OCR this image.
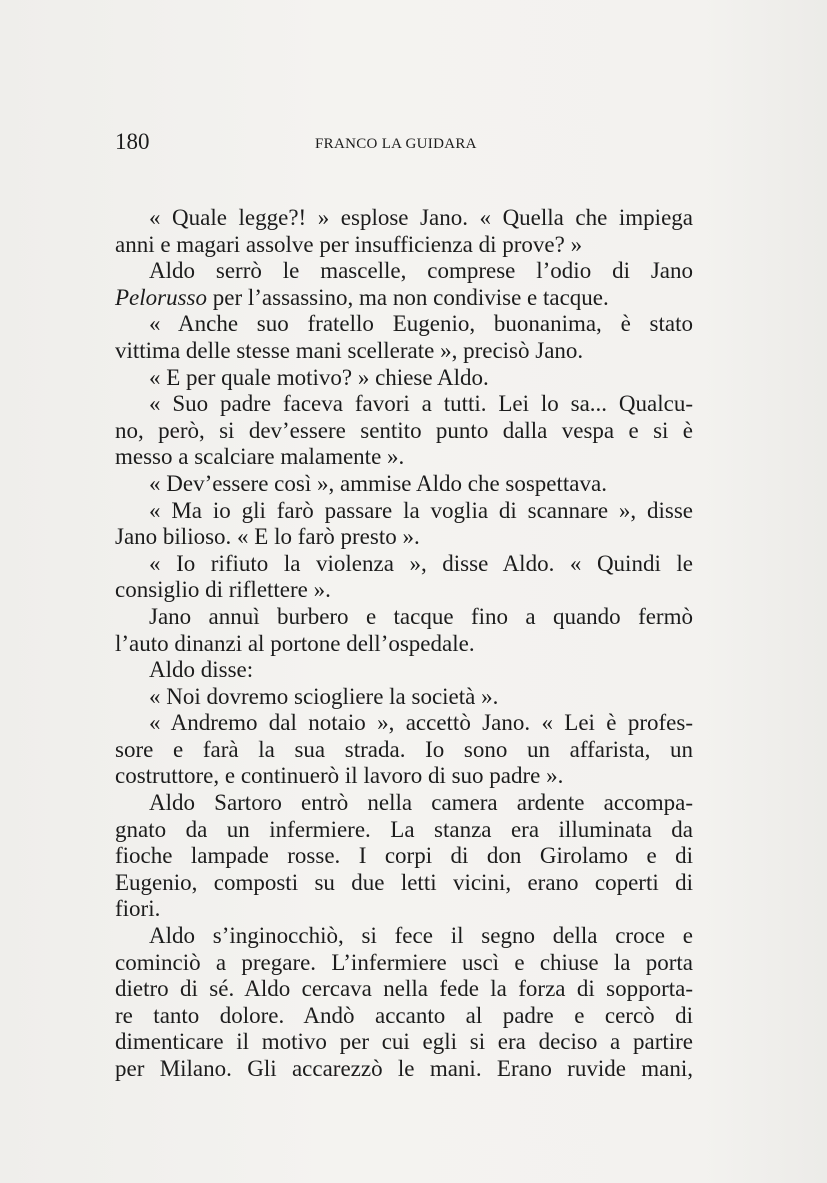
180	FRANCO LA GUIDARA
« Quale legge?! » esplose Jano. « Quella che impiega
anni e magari assolve per insufficienza di prove? »
Aldo serrò le mascelle, comprese l’odio di Jano
Pelorusso per l’assassino, ma non condivise e tacque.
« Anche suo fratello Eugenio, buonanima, è stato
vittima delle stesse mani scellerate », precisò Jano.
« E per quale motivo? » chiese Aldo.
« Suo padre faceva favori a tutti. Lei lo sa... Qualcu-
no, però, si dev’essere sentito punto dalla vespa e si è
messo a scalciare malamente ».
« Dev’essere così », ammise Aldo che sospettava.
« Ma io gli farò passare la voglia di scannare », disse
Jano bilioso. « E lo farò presto ».
« Io rifiuto la violenza », disse Aldo. « Quindi le
consiglio di riflettere ».
Jano annuì burbero e tacque fino a quando fermò
l’auto dinanzi al portone dell’ospedale.
Aldo disse:
« Noi dovremo sciogliere la società ».
« Andremo dal notaio », accettò Jano. « Lei è profes-
sore e farà la sua strada. Io sono un affarista, un
costruttore, e continuerò il lavoro di suo padre ».
Aldo Sartoro entrò nella camera ardente accompa-
gnato da un infermiere. La stanza era illuminata da
fioche lampade rosse. I corpi di don Girolamo e di
Eugenio, composti su due letti vicini, erano coperti di
fiori.
Aldo s’inginocchiò, si fece il segno della croce e
cominciò a pregare. L’infermiere uscì e chiuse la porta
dietro di sé. Aldo cercava nella fede la forza di sopporta-
re tanto dolore. Andò accanto al padre e cercò di
dimenticare il motivo per cui egli si era deciso a partire
per Milano. Gli accarezzò le mani. Erano ruvide mani,
